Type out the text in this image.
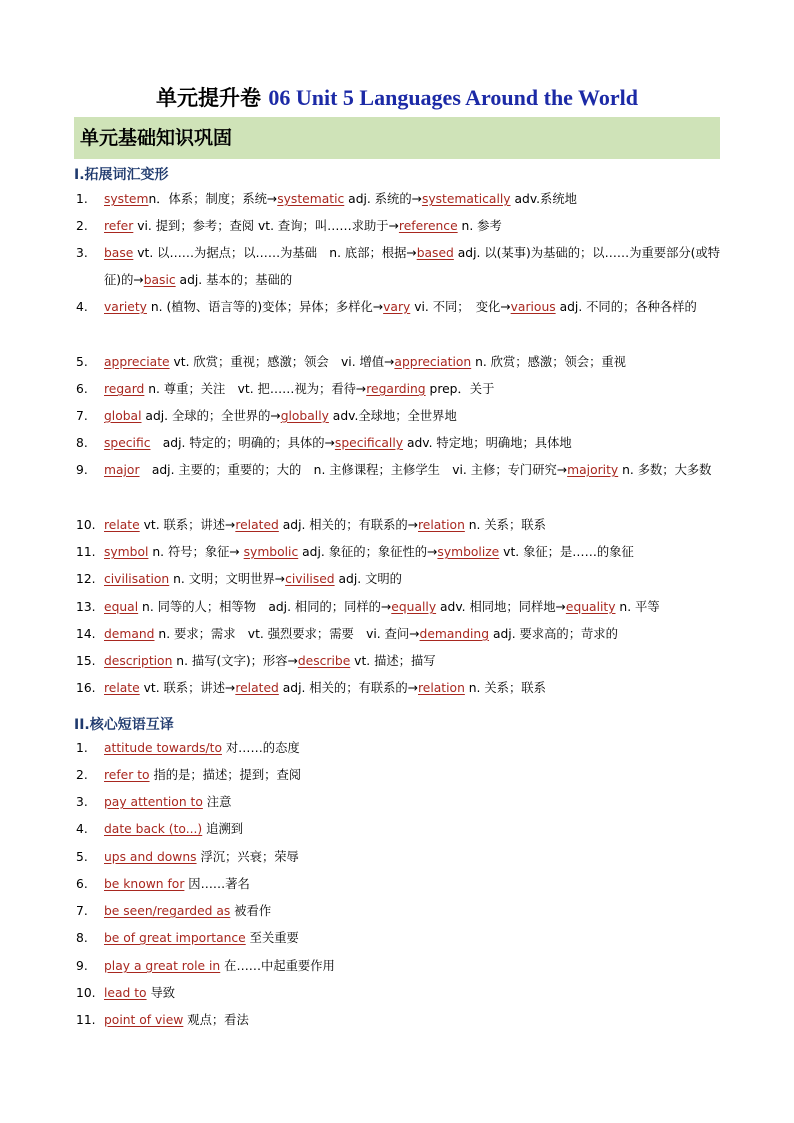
单元提升卷 06 Unit 5 Languages Around the World
单元基础知识巩固
I.拓展词汇变形
1.	systemn．体系；制度；系统→systematic adj. 系统的→systematically adv.系统地
2.	refer vi. 提到；参考；查阅 vt. 查询；叫……求助于→reference n. 参考
3.	base vt. 以……为据点；以……为基础　n. 底部；根据→based adj. 以(某事)为基础的；以……为重要部分(或特征)的→basic adj. 基本的；基础的
4.	variety n. (植物、语言等的)变体；异体；多样化→vary vi. 不同；　变化→various adj. 不同的；各种各样的
5.	appreciate vt. 欣赏；重视；感激；领会　vi. 增值→appreciation n. 欣赏；感激；领会；重视
6.	regard n. 尊重；关注　vt. 把……视为；看待→regarding prep．关于
7.	global adj. 全球的；全世界的→globally adv.全球地；全世界地
8.	specific　adj. 特定的；明确的；具体的→specifically adv. 特定地；明确地；具体地
9.	major　adj. 主要的；重要的；大的　n. 主修课程；主修学生　vi. 主修；专门研究→majority n. 多数；大多数
10. relate vt. 联系；讲述→related adj. 相关的；有联系的→relation n. 关系；联系
11. symbol n. 符号；象征→ symbolic adj. 象征的；象征性的→symbolize vt. 象征；是……的象征
12. civilisation n. 文明；文明世界→civilised adj. 文明的
13. equal n. 同等的人；相等物　adj. 相同的；同样的→equally adv. 相同地；同样地→equality n. 平等
14. demand n. 要求；需求　vt. 强烈要求；需要　vi. 查问→demanding adj. 要求高的；苛求的
15. description n. 描写(文字)；形容→describe vt. 描述；描写
16. relate vt. 联系；讲述→related adj. 相关的；有联系的→relation n. 关系；联系
II.核心短语互译
1.	attitude towards/to 对……的态度
2.	refer to 指的是；描述；提到；查阅
3.	pay attention to 注意
4.	date back (to...) 追溯到
5.	ups and downs 浮沉；兴衰；荣辱
6.	be known for 因……著名
7.	be seen/regarded as 被看作
8.	be of great importance 至关重要
9.	play a great role in 在……中起重要作用
10. lead to 导致
11. point of view 观点；看法
